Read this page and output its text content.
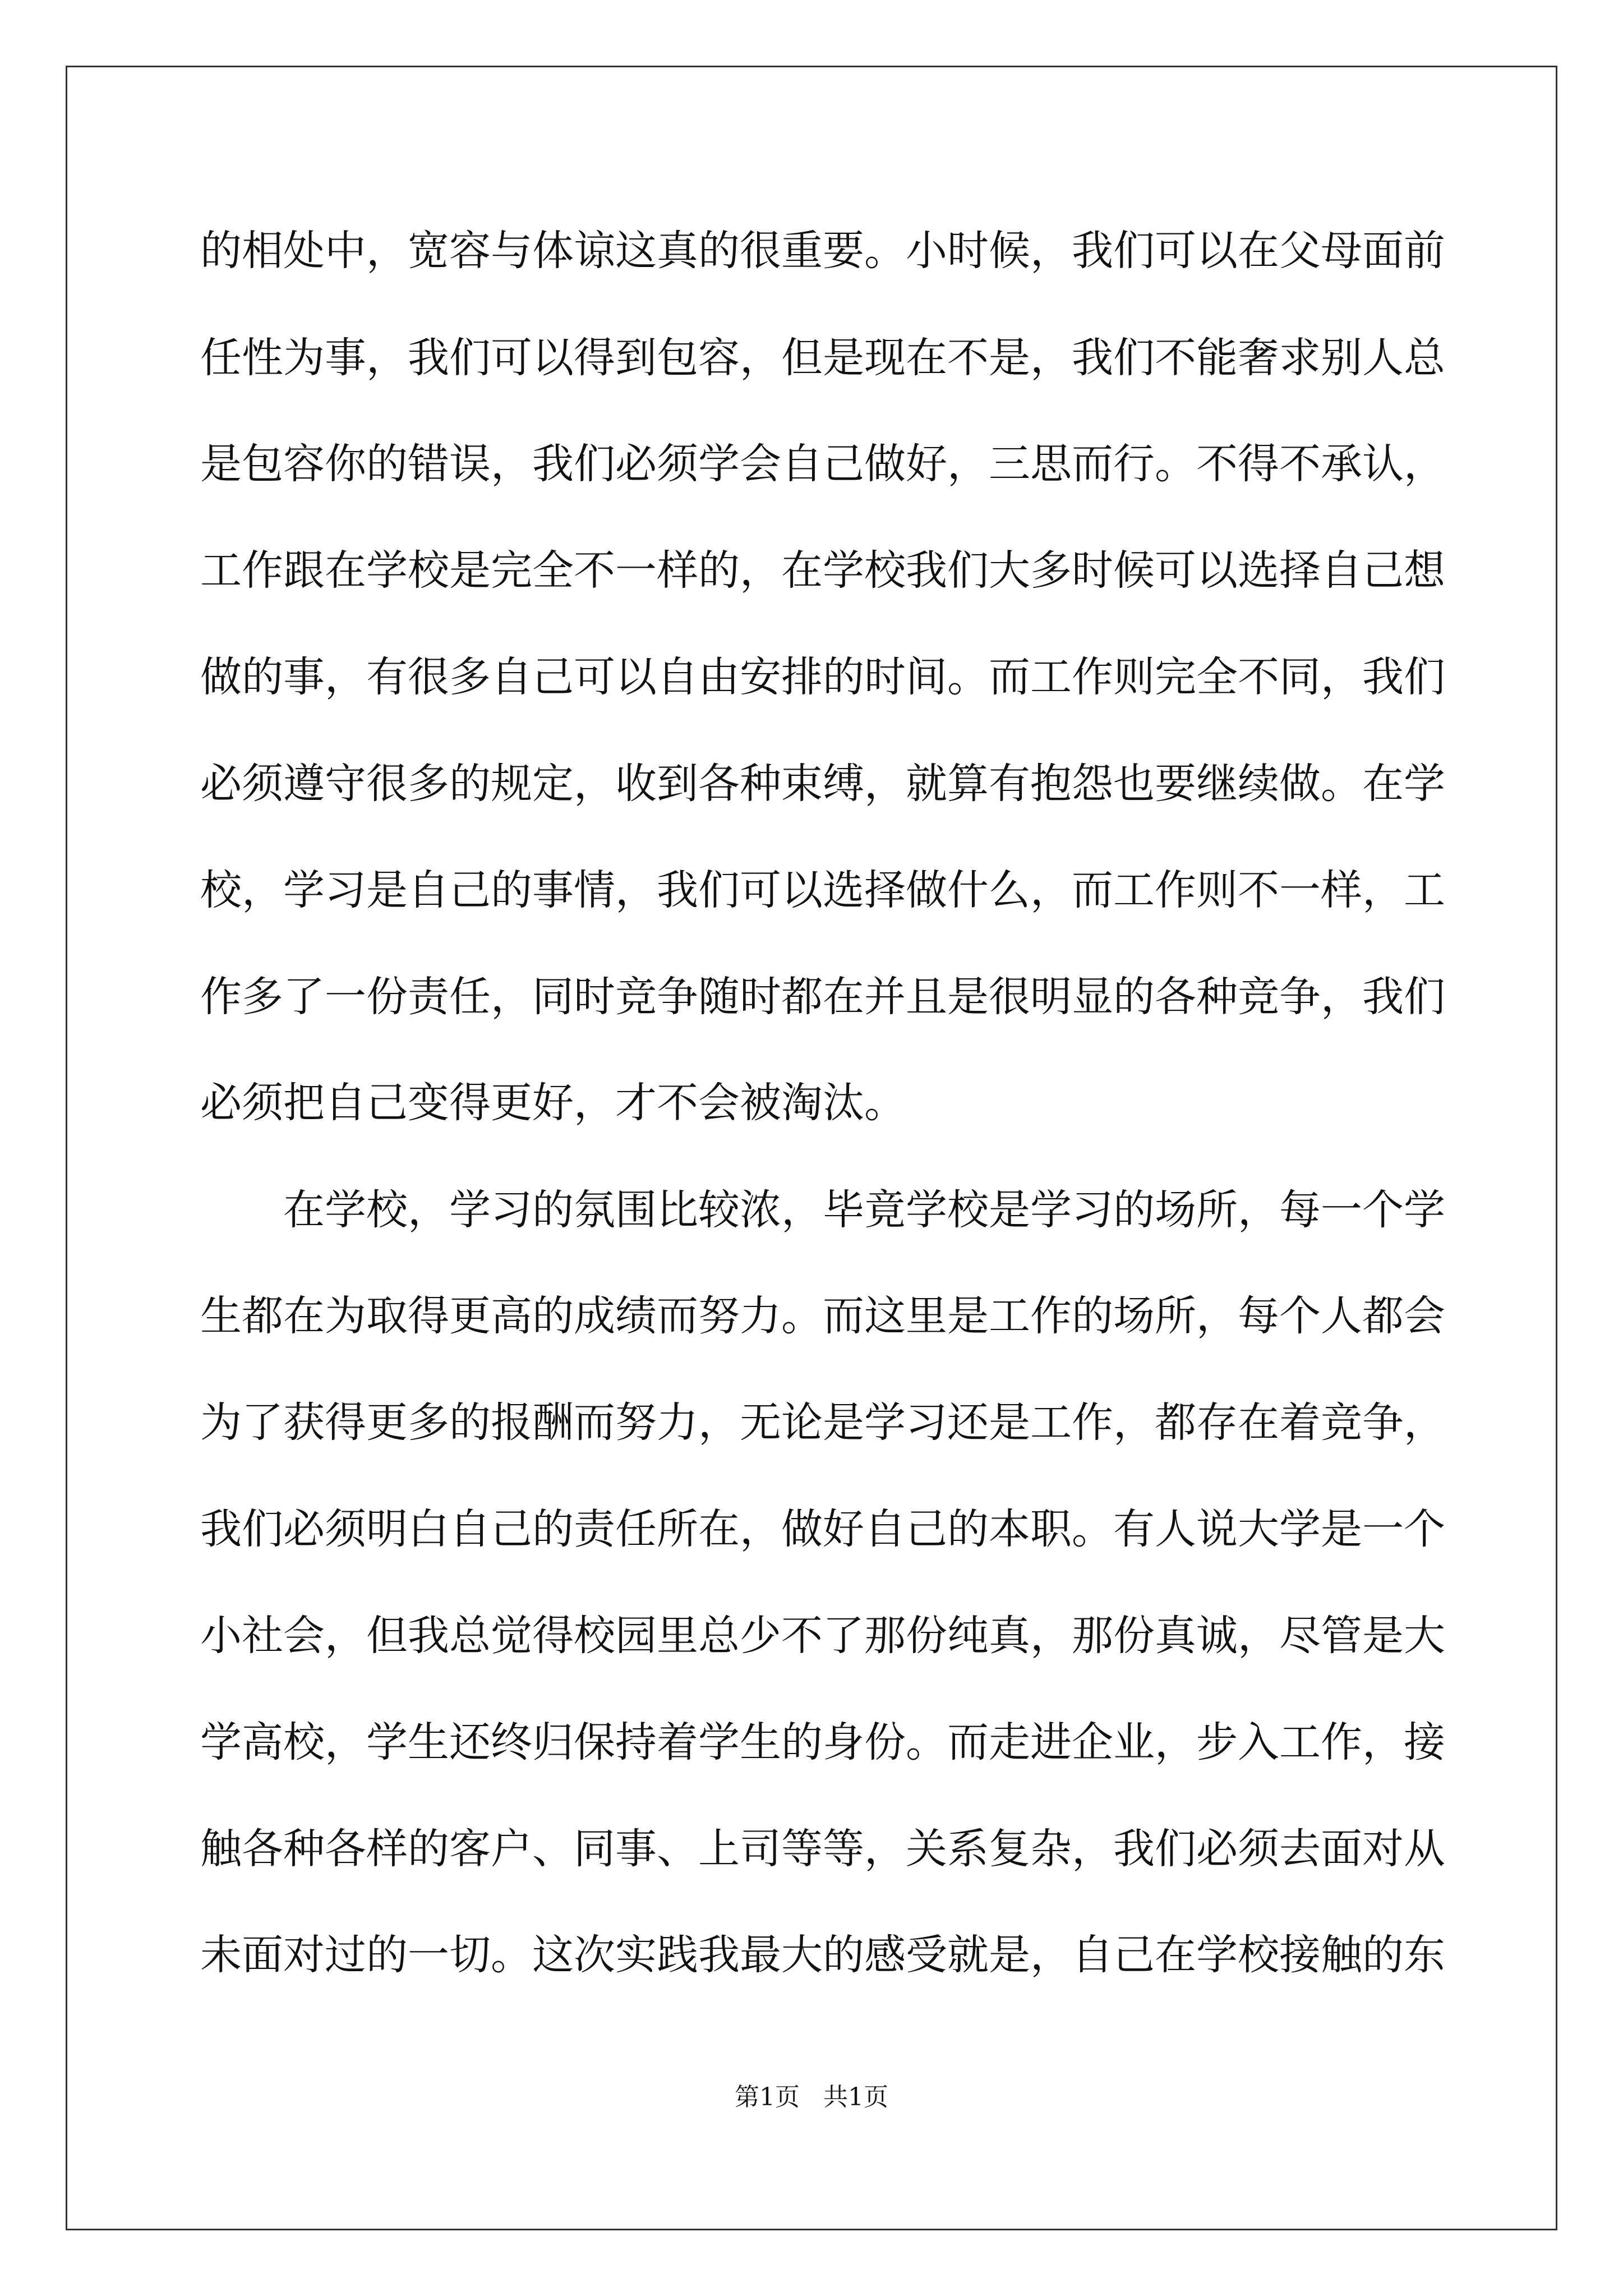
的相处中，宽容与体谅这真的很重要。小时候，我们可以在父母面前
任性为事，我们可以得到包容，但是现在不是，我们不能奢求别人总
是包容你的错误，我们必须学会自己做好，三思而行。不得不承认，
工作跟在学校是完全不一样的，在学校我们大多时候可以选择自己想
做的事，有很多自己可以自由安排的时间。而工作则完全不同，我们
必须遵守很多的规定，收到各种束缚，就算有抱怨也要继续做。在学
校，学习是自己的事情，我们可以选择做什么，而工作则不一样，工
作多了一份责任，同时竞争随时都在并且是很明显的各种竞争，我们
必须把自己变得更好，才不会被淘汰。
在学校，学习的氛围比较浓，毕竟学校是学习的场所，每一个学
生都在为取得更高的成绩而努力。而这里是工作的场所，每个人都会
为了获得更多的报酬而努力，无论是学习还是工作，都存在着竞争，
我们必须明白自己的责任所在，做好自己的本职。有人说大学是一个
小社会，但我总觉得校园里总少不了那份纯真，那份真诚，尽管是大
学高校，学生还终归保持着学生的身份。而走进企业，步入工作，接
触各种各样的客户、同事、上司等等，关系复杂，我们必须去面对从
未面对过的一切。这次实践我最大的感受就是，自己在学校接触的东
第1页   共1页
